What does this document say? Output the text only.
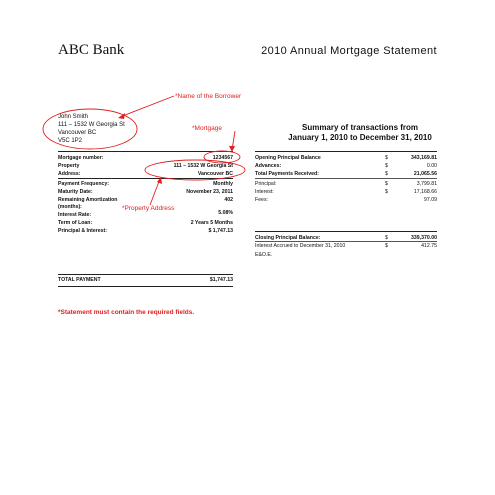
ABC Bank	2010 Annual Mortgage Statement
John Smith
111 – 1532 W Georgia St
Vancouver BC
V5C 1P2
Summary of transactions from
January 1, 2010 to December 31, 2010
*Name of the Borrower
*Mortgage
*Property Address
*Statement must contain the required fields.
Mortgage number:	1234567
Property	111 – 1532 W Georgia St
Address:	Vancouver BC
Payment Frequency:	Monthly
Maturity Date:	November 23, 2011
Remaining Amortization	402
(months):
Interest Rate:	5.08%
Term of Loan:	2 Years 5 Months
Principal & Interest:	$ 1,747.13
TOTAL PAYMENT	$1,747.13
Opening Principal Balance	$	343,169.81
Advances:	$	0.00
Total Payments Received:	$	21,065.56
Principal:	$	3,799.81
Interest:	$	17,168.66
Fees:	97.09
Closing Principal Balance:	$	339,370.00
Interest Accrued to December 31, 2010	$	412.75
E&O.E.
